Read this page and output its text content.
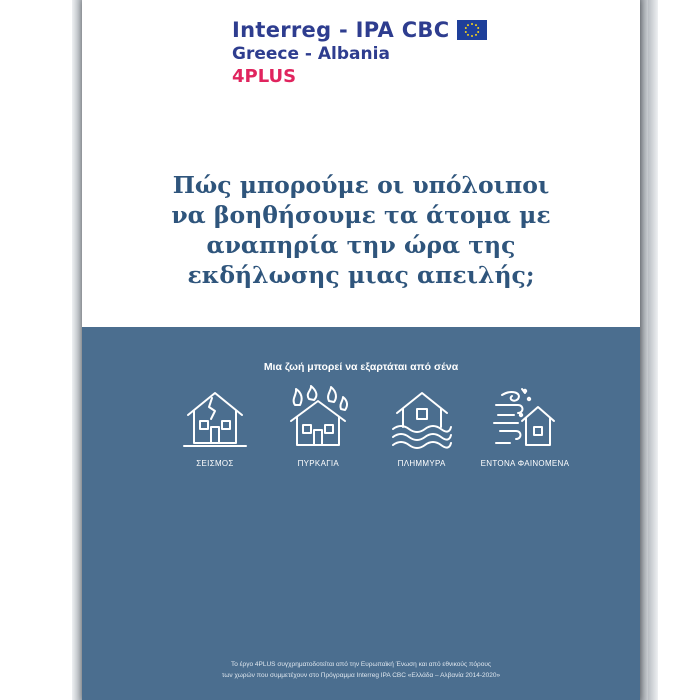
Interreg - IPA CBC
Greece - Albania
4PLUS
Πώς μπορούμε οι υπόλοιποι
να βοηθήσουμε τα άτομα με
αναπηρία την ώρα της
εκδήλωσης μιας απειλής;
Μια ζωή μπορεί να εξαρτάται από σένα
ΣΕΙΣΜΟΣ	ΠΥΡΚΑΓΙΑ	ΠΛΗΜΜΥΡΑ	ΕΝΤΟΝΑ ΦΑΙΝΟΜΕΝΑ
Το έργο 4PLUS συγχρηματοδοτείται από την Ευρωπαϊκή Ένωση και από εθνικούς πόρους
των χωρών που συμμετέχουν στο Πρόγραμμα Interreg IPA CBC «Ελλάδα – Αλβανία 2014-2020»
